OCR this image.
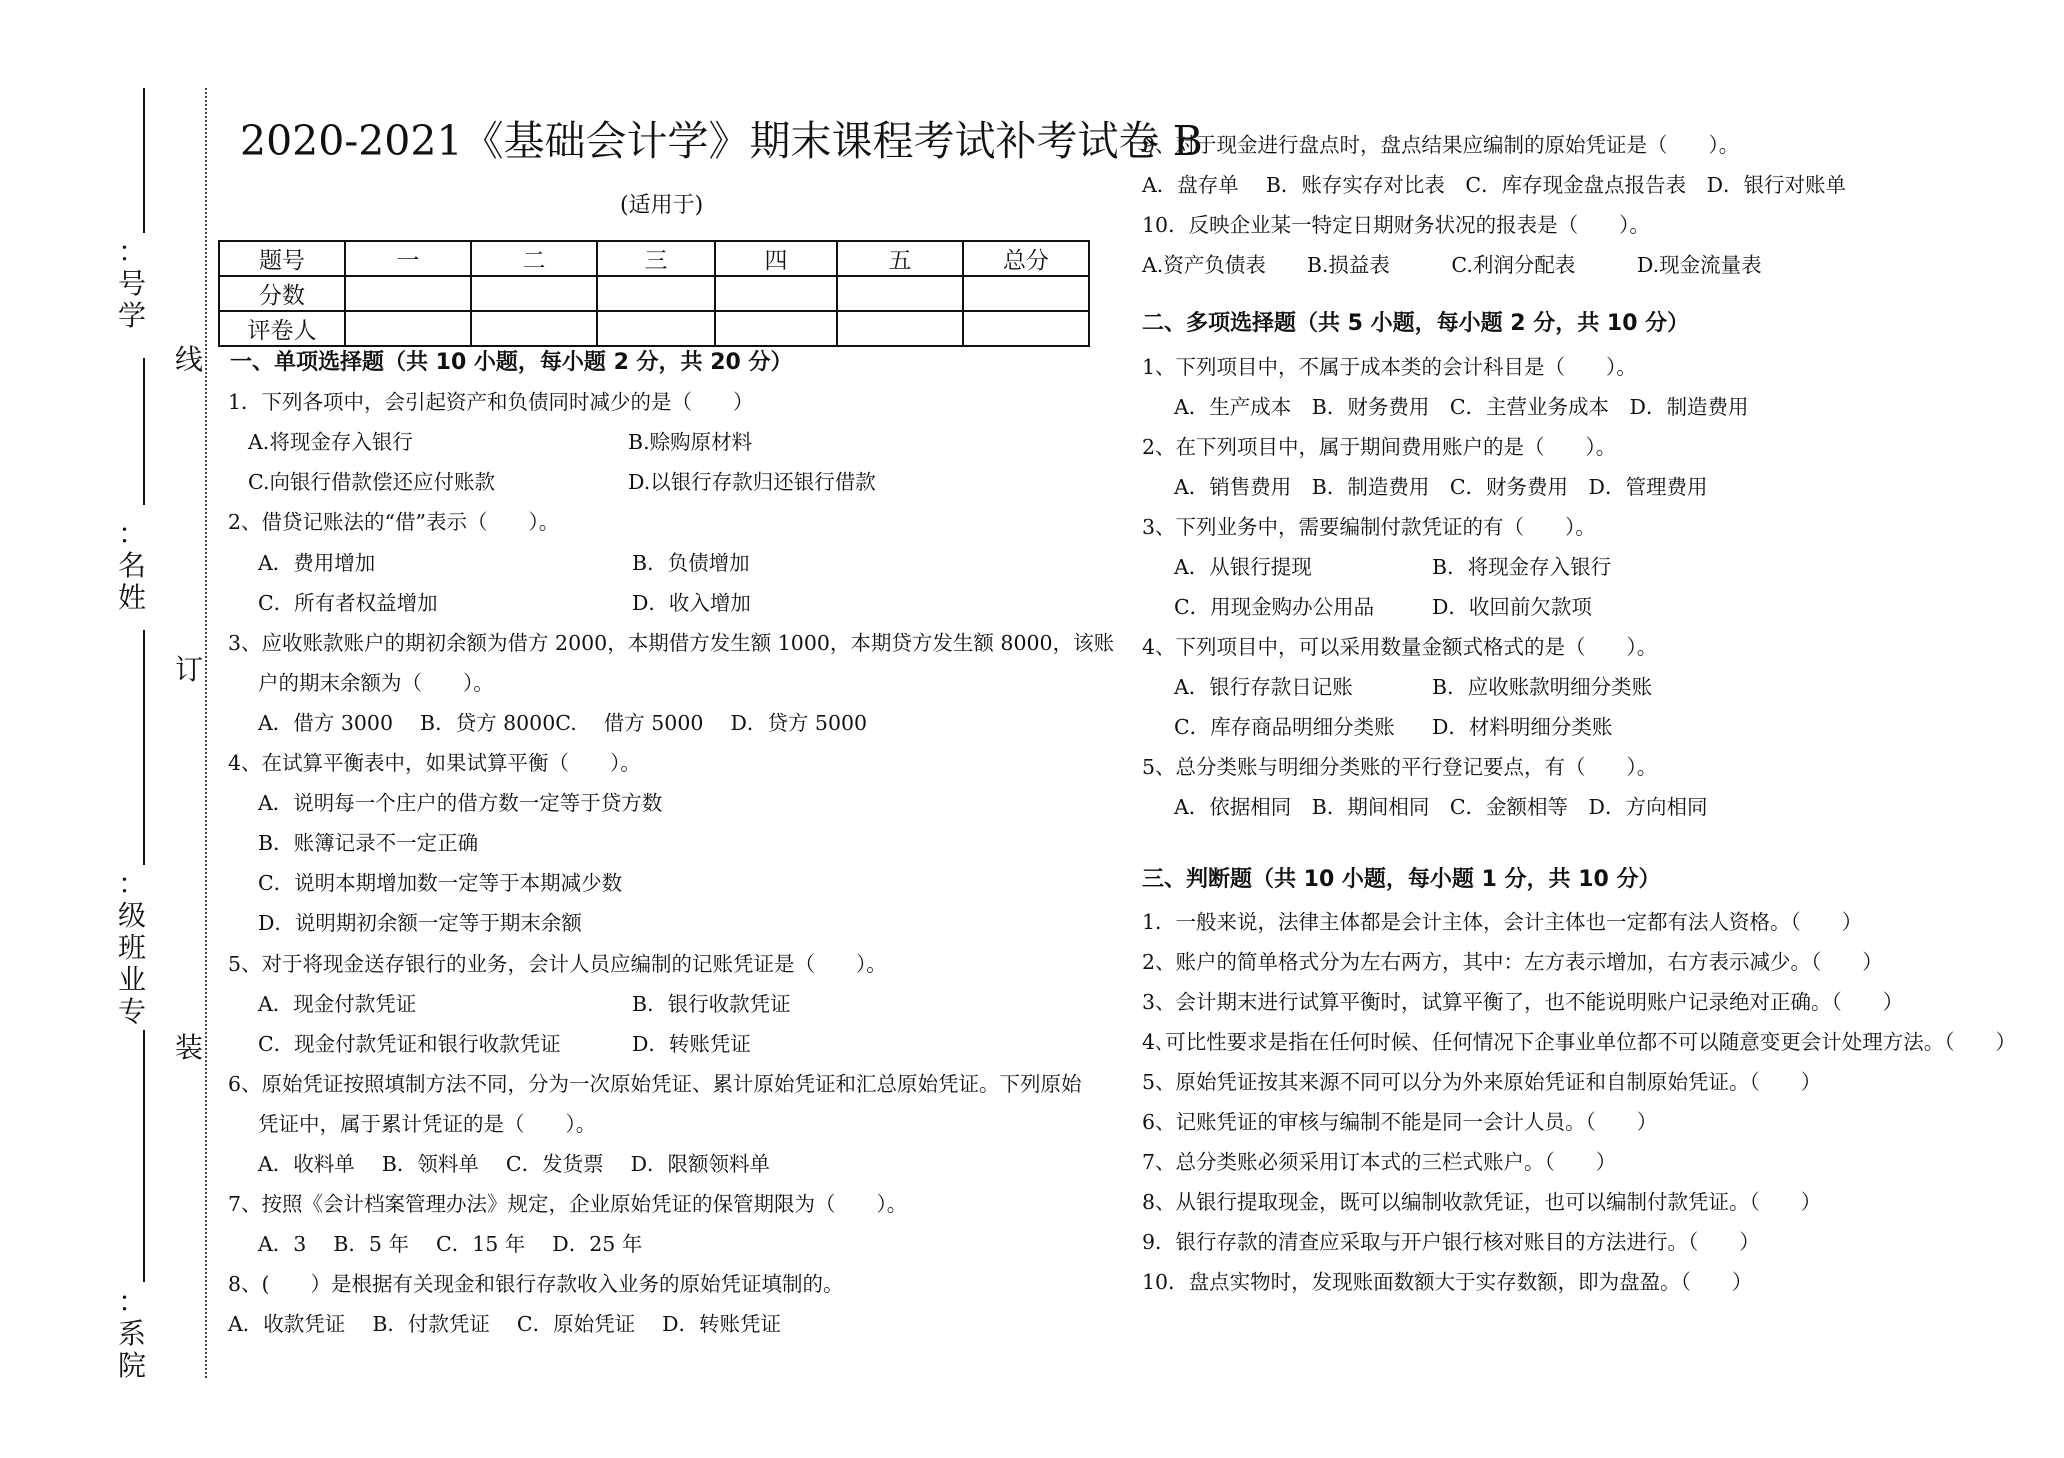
：
号
学
：
名
姓
：
级
班
业
专
：
系
院
线
订
装
2020-2021《基础会计学》期末课程考试补考试卷 B
(适用于)
题号	一	二	三	四	五	总分
分数						
评卷人						
一、单项选择题（共 10 小题，每小题 2 分，共 20 分）
1．下列各项中，会引起资产和负债同时减少的是（　　）
A.将现金存入银行	B.赊购原材料
C.向银行借款偿还应付账款	D.以银行存款归还银行借款
2、借贷记账法的“借”表示（　　）。
A．费用增加	B．负债增加
C．所有者权益增加	D．收入增加
3、应收账款账户的期初余额为借方 2000，本期借方发生额 1000，本期贷方发生额 8000，该账
户的期末余额为（　　）。
A．借方 3000　 B．贷方 8000C.　 借方 5000　 D．贷方 5000
4、在试算平衡表中，如果试算平衡（　　）。
A．说明每一个庄户的借方数一定等于贷方数
B．账簿记录不一定正确
C．说明本期增加数一定等于本期减少数
D．说明期初余额一定等于期末余额
5、对于将现金送存银行的业务，会计人员应编制的记账凭证是（　　）。
A．现金付款凭证	B．银行收款凭证
C．现金付款凭证和银行收款凭证	D．转账凭证
6、原始凭证按照填制方法不同，分为一次原始凭证、累计原始凭证和汇总原始凭证。下列原始
凭证中，属于累计凭证的是（　　）。
A．收料单　 B．领料单　 C．发货票　 D．限额领料单
7、按照《会计档案管理办法》规定，企业原始凭证的保管期限为（　　）。
A．3　 B．5 年　 C．15 年　 D．25 年
8、(　　）是根据有关现金和银行存款收入业务的原始凭证填制的。
A．收款凭证　 B．付款凭证　 C．原始凭证　 D．转账凭证
9、对于现金进行盘点时，盘点结果应编制的原始凭证是（　　）。
A．盘存单　 B．账存实存对比表　C．库存现金盘点报告表　D．银行对账单
10．反映企业某一特定日期财务状况的报表是（　　）。
A.资产负债表　　B.损益表　　　C.利润分配表　　　D.现金流量表
二、多项选择题（共 5 小题，每小题 2 分，共 10 分）
1、下列项目中，不属于成本类的会计科目是（　　）。
A．生产成本　B．财务费用　C．主营业务成本　D．制造费用
2、在下列项目中，属于期间费用账户的是（　　）。
A．销售费用　B．制造费用　C．财务费用　D．管理费用
3、下列业务中，需要编制付款凭证的有（　　）。
A．从银行提现	B．将现金存入银行
C．用现金购办公用品	D．收回前欠款项
4、下列项目中，可以采用数量金额式格式的是（　　）。
A．银行存款日记账	B．应收账款明细分类账
C．库存商品明细分类账 D．材料明细分类账
5、总分类账与明细分类账的平行登记要点，有（　　）。
A．依据相同　B．期间相同　C．金额相等　D．方向相同
三、判断题（共 10 小题，每小题 1 分，共 10 分）
1．一般来说，法律主体都是会计主体，会计主体也一定都有法人资格。（　　）
2、账户的简单格式分为左右两方，其中：左方表示增加，右方表示减少。（　　）
3、会计期末进行试算平衡时，试算平衡了，也不能说明账户记录绝对正确。（　　）
4､可比性要求是指在任何时候、任何情况下企事业单位都不可以随意变更会计处理方法。（　　）
5、原始凭证按其来源不同可以分为外来原始凭证和自制原始凭证。（　　）
6、记账凭证的审核与编制不能是同一会计人员。（　　）
7、总分类账必须采用订本式的三栏式账户。（　　）
8、从银行提取现金，既可以编制收款凭证，也可以编制付款凭证。（　　）
9．银行存款的清查应采取与开户银行核对账目的方法进行。（　　）
10．盘点实物时，发现账面数额大于实存数额，即为盘盈。（　　）
